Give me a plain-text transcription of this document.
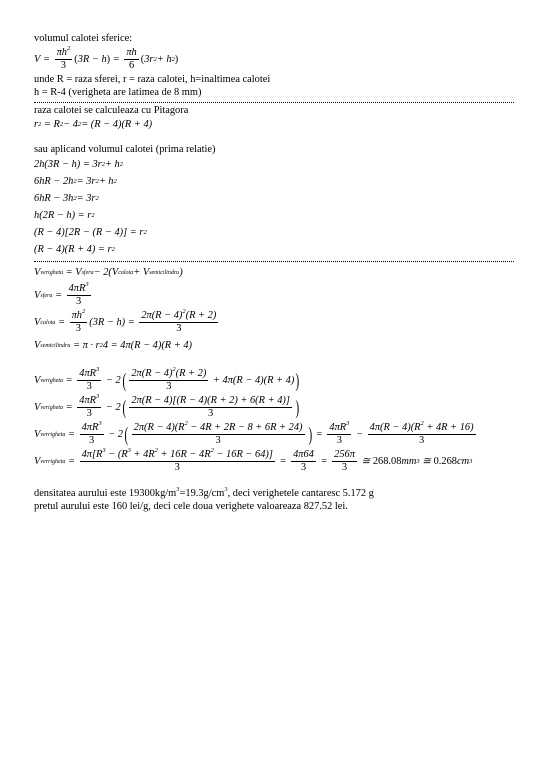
volumul calotei sferice:
$V = \frac{\pi h^2}{3}$ ( 3R − h ) = $\frac{\pi h}{6}$ ( 3r 2 + h 2 )
unde R = raza sferei, r = raza calotei, h=inaltimea calotei
h = R-4 (verigheta are latimea de 8 mm)
raza calotei se calculeaza cu Pitagora
r 2 = R 2 − 4 2 = (R − 4)(R + 4)
sau aplicand volumul calotei (prima relatie)
2h(3R − h) = 3r 2 + h 2
6hR − 2h 2 = 3r 2 + h 2
6hR − 3h 2 = 3r 2
h(2R − h) = r 2
(R − 4)[2R − (R − 4)] = r 2
(R − 4)(R + 4) = r 2
V verigheta = V sfera − 2(V calota + V semicilindru )
V sfera = $\frac{4\pi R^3}{3}$
V calota = $\frac{\pi h^2}{3} (3R - h) = \frac{2\pi(R - 4)^2(R + 2)}{3}$
V semicilindru = π · r 2 4 = 4π(R − 4)(R + 4)
V verigheta = $\frac{4\pi R^3}{3} - 2$ ( $\frac{2\pi(R - 4)^2(R + 2)}{3} + 4\pi(R - 4)(R + 4)$ )
V verigheta = $\frac{4\pi R^3}{3} - 2$ ( $\frac{2\pi(R - 4)[(R - 4)(R + 2) + 6(R + 4)]}{3}$ )
V verrigheta = $\frac{4\pi R^3}{3} - 2$ ( $\frac{2\pi(R - 4)(R^2 - 4R + 2R - 8 + 6R + 24)}{3}$ ) = $\frac{4\pi R^3}{3} - \frac{4\pi(R - 4)(R^2 + 4R + 16)}{3}$
V verrigheta = $\frac{4\pi[R^3 - (R^3 + 4R^2 + 16R - 4R^2 - 16R - 64)]}{3} = \frac{4\pi 64}{3} = \frac{256\pi}{3}$ ≅ 268.08 mm 3 ≅ 0.268 cm 3
densitatea aurului este $19300kg/m^3=19.3g/cm^3$, deci verighetele cantaresc 5.172 g
pretul aurului este 160 lei/g, deci cele doua verighete valoareaza 827.52 lei.
